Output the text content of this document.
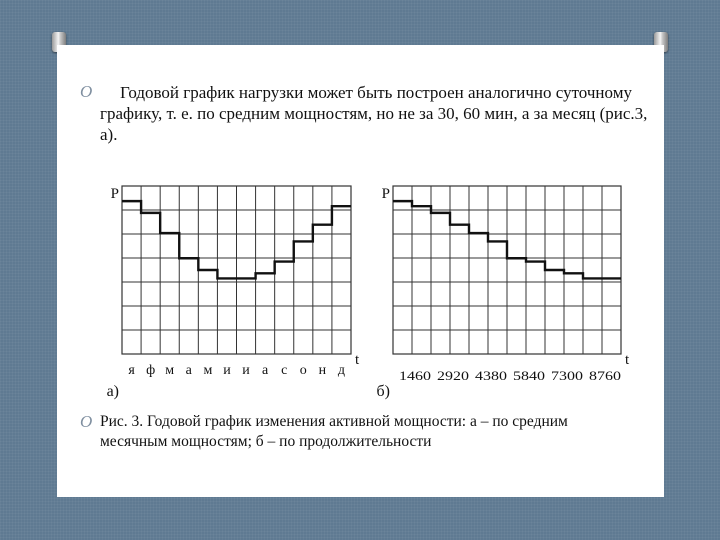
O	Годовой график нагрузки может быть построен аналогично суточному графику, т. е. по средним мощностям, но не за 30, 60 мин, а за месяц (рис.3, а).
P
t
а)
я ф м а м и и а с о н д
P
t
б)
1460 2920 4380 5840 7300 8760
O Рис. 3. Годовой график изменения активной мощности: а – по средним месячным мощностям; б – по продолжительности
